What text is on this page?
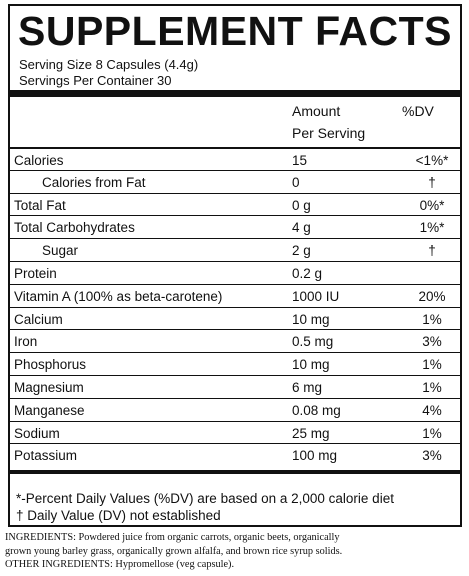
SUPPLEMENT FACTS
Serving Size 8 Capsules (4.4g)
Servings Per Container 30
Amount
Per Serving
%DV
Calories	15	<1%*
Calories from Fat	0	†
Total Fat	0 g	0%*
Total Carbohydrates	4 g	1%*
Sugar	2 g	†
Protein	0.2 g
Vitamin A (100% as beta-carotene)	1000 IU	20%
Calcium	10 mg	1%
Iron	0.5 mg	3%
Phosphorus	10 mg	1%
Magnesium	6 mg	1%
Manganese	0.08 mg	4%
Sodium	25 mg	1%
Potassium	100 mg	3%
*-Percent Daily Values (%DV) are based on a 2,000 calorie diet
† Daily Value (DV) not established
INGREDIENTS: Powdered juice from organic carrots, organic beets, organically
grown young barley grass, organically grown alfalfa, and brown rice syrup solids.
OTHER INGREDIENTS: Hypromellose (veg capsule).
